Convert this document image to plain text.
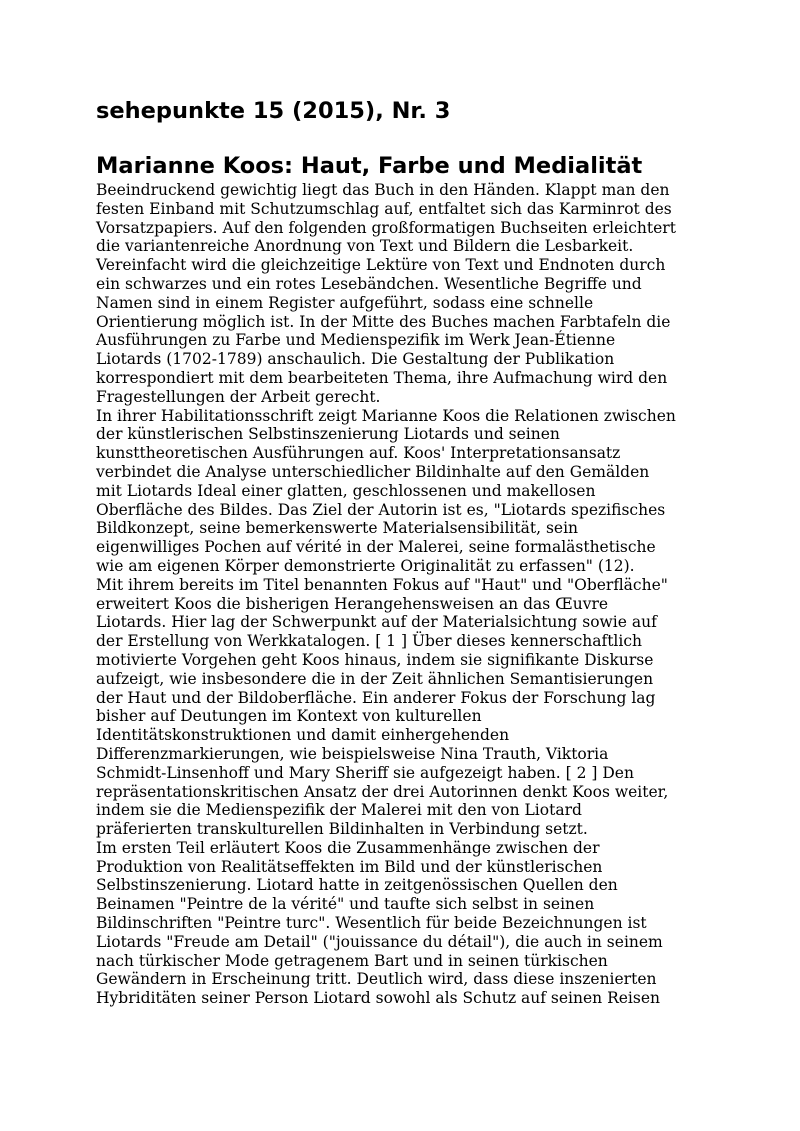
sehepunkte 15 (2015), Nr. 3
Marianne Koos: Haut, Farbe und Medialität
Beeindruckend gewichtig liegt das Buch in den Händen. Klappt man den
festen Einband mit Schutzumschlag auf, entfaltet sich das Karminrot des
Vorsatzpapiers. Auf den folgenden großformatigen Buchseiten erleichtert
die variantenreiche Anordnung von Text und Bildern die Lesbarkeit.
Vereinfacht wird die gleichzeitige Lektüre von Text und Endnoten durch
ein schwarzes und ein rotes Lesebändchen. Wesentliche Begriffe und
Namen sind in einem Register aufgeführt, sodass eine schnelle
Orientierung möglich ist. In der Mitte des Buches machen Farbtafeln die
Ausführungen zu Farbe und Medienspezifik im Werk Jean-Étienne
Liotards (1702-1789) anschaulich. Die Gestaltung der Publikation
korrespondiert mit dem bearbeiteten Thema, ihre Aufmachung wird den
Fragestellungen der Arbeit gerecht.
In ihrer Habilitationsschrift zeigt Marianne Koos die Relationen zwischen
der künstlerischen Selbstinszenierung Liotards und seinen
kunsttheoretischen Ausführungen auf. Koos' Interpretationsansatz
verbindet die Analyse unterschiedlicher Bildinhalte auf den Gemälden
mit Liotards Ideal einer glatten, geschlossenen und makellosen
Oberfläche des Bildes. Das Ziel der Autorin ist es, "Liotards spezifisches
Bildkonzept, seine bemerkenswerte Materialsensibilität, sein
eigenwilliges Pochen auf vérité in der Malerei, seine formalästhetische
wie am eigenen Körper demonstrierte Originalität zu erfassen" (12).
Mit ihrem bereits im Titel benannten Fokus auf "Haut" und "Oberfläche"
erweitert Koos die bisherigen Herangehensweisen an das Œuvre
Liotards. Hier lag der Schwerpunkt auf der Materialsichtung sowie auf
der Erstellung von Werkkatalogen. [ 1 ] Über dieses kennerschaftlich
motivierte Vorgehen geht Koos hinaus, indem sie signifikante Diskurse
aufzeigt, wie insbesondere die in der Zeit ähnlichen Semantisierungen
der Haut und der Bildoberfläche. Ein anderer Fokus der Forschung lag
bisher auf Deutungen im Kontext von kulturellen
Identitätskonstruktionen und damit einhergehenden
Differenzmarkierungen, wie beispielsweise Nina Trauth, Viktoria
Schmidt-Linsenhoff und Mary Sheriff sie aufgezeigt haben. [ 2 ] Den
repräsentationskritischen Ansatz der drei Autorinnen denkt Koos weiter,
indem sie die Medienspezifik der Malerei mit den von Liotard
präferierten transkulturellen Bildinhalten in Verbindung setzt.
Im ersten Teil erläutert Koos die Zusammenhänge zwischen der
Produktion von Realitätseffekten im Bild und der künstlerischen
Selbstinszenierung. Liotard hatte in zeitgenössischen Quellen den
Beinamen "Peintre de la vérité" und taufte sich selbst in seinen
Bildinschriften "Peintre turc". Wesentlich für beide Bezeichnungen ist
Liotards "Freude am Detail" ("jouissance du détail"), die auch in seinem
nach türkischer Mode getragenem Bart und in seinen türkischen
Gewändern in Erscheinung tritt. Deutlich wird, dass diese inszenierten
Hybriditäten seiner Person Liotard sowohl als Schutz auf seinen Reisen
